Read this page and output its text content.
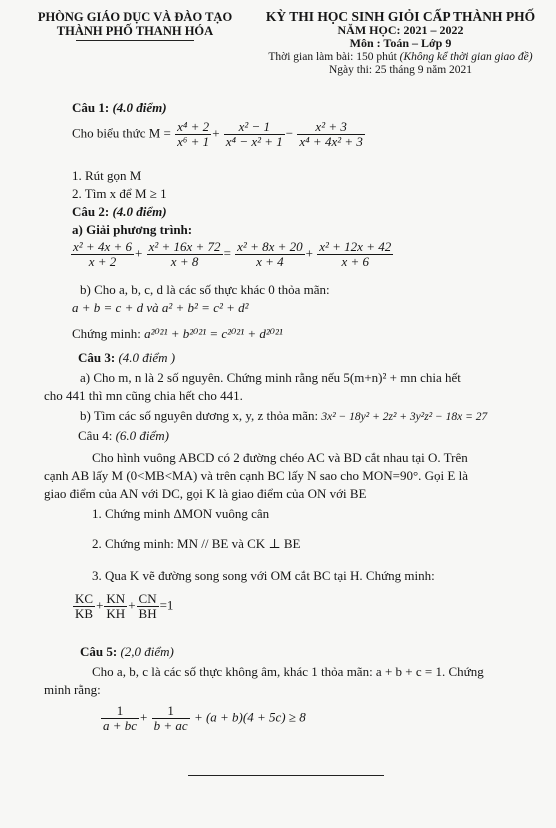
PHÒNG GIÁO DỤC VÀ ĐÀO TẠO
THÀNH PHỐ THANH HÓA
KỲ THI HỌC SINH GIỎI CẤP THÀNH PHỐ
NĂM HỌC: 2021 – 2022
Môn : Toán – Lớp 9
Thời gian làm bài: 150 phút (Không kể thời gian giao đề)
Ngày thi: 25 tháng 9 năm 2021
Câu 1: (4.0 điểm)
Cho biểu thức $M = \frac{\text{x⁴ + 2}}{\text{x⁶ + 1}} + \frac{\text{x² − 1}}{\text{x⁴ − x² + 1}} - \frac{\text{x² + 3}}{\text{x⁴ + 4x² + 3}}$
1. Rút gọn M
2. Tìm x để M ≥ 1
Câu 2: (4.0 điểm)
a) Giải phương trình:
$\frac{\text{x² + 4x + 6}}{x + 2} + \frac{\text{x² + 16x + 72}}{x + 8} = \frac{\text{x² + 8x + 20}}{x + 4} + \frac{\text{x² + 12x + 42}}{x + 6}$
b) Cho a, b, c, d là các số thực khác 0 thỏa mãn:
a + b = c + d và a² + b² = c² + d²
Chứng minh: a²⁰²¹ + b²⁰²¹ = c²⁰²¹ + d²⁰²¹
Câu 3: (4.0 điểm )
a) Cho m, n là 2 số nguyên. Chứng minh rằng nếu 5(m+n)² + mn chia hết
cho 441 thì mn cũng chia hết cho 441.
b) Tìm các số nguyên dương x, y, z thỏa mãn: 3x² − 18y² + 2z² + 3y²z² − 18x = 27
Câu 4: (6.0 điểm)
Cho hình vuông ABCD có 2 đường chéo AC và BD cắt nhau tại O. Trên
cạnh AB lấy M (0<MB<MA) và trên cạnh BC lấy N sao cho MON=90°. Gọi E là
giao điểm của AN với DC, gọi K là giao điểm của ON với BE
1. Chứng minh ΔMON vuông cân
2. Chứng minh: MN // BE và CK ⊥ BE
3. Qua K vẽ đường song song với OM cắt BC tại H. Chứng minh:
$\frac{KC}{KB} + \frac{KN}{KH} + \frac{CN}{BH} =1$
Câu 5: (2,0 điểm)
Cho a, b, c là các số thực không âm, khác 1 thỏa mãn: a + b + c = 1. Chứng
minh rằng:
$\frac{1}{a + bc} + \frac{1}{b + ac} + (a + b)(4 + 5c) \ge 8$
